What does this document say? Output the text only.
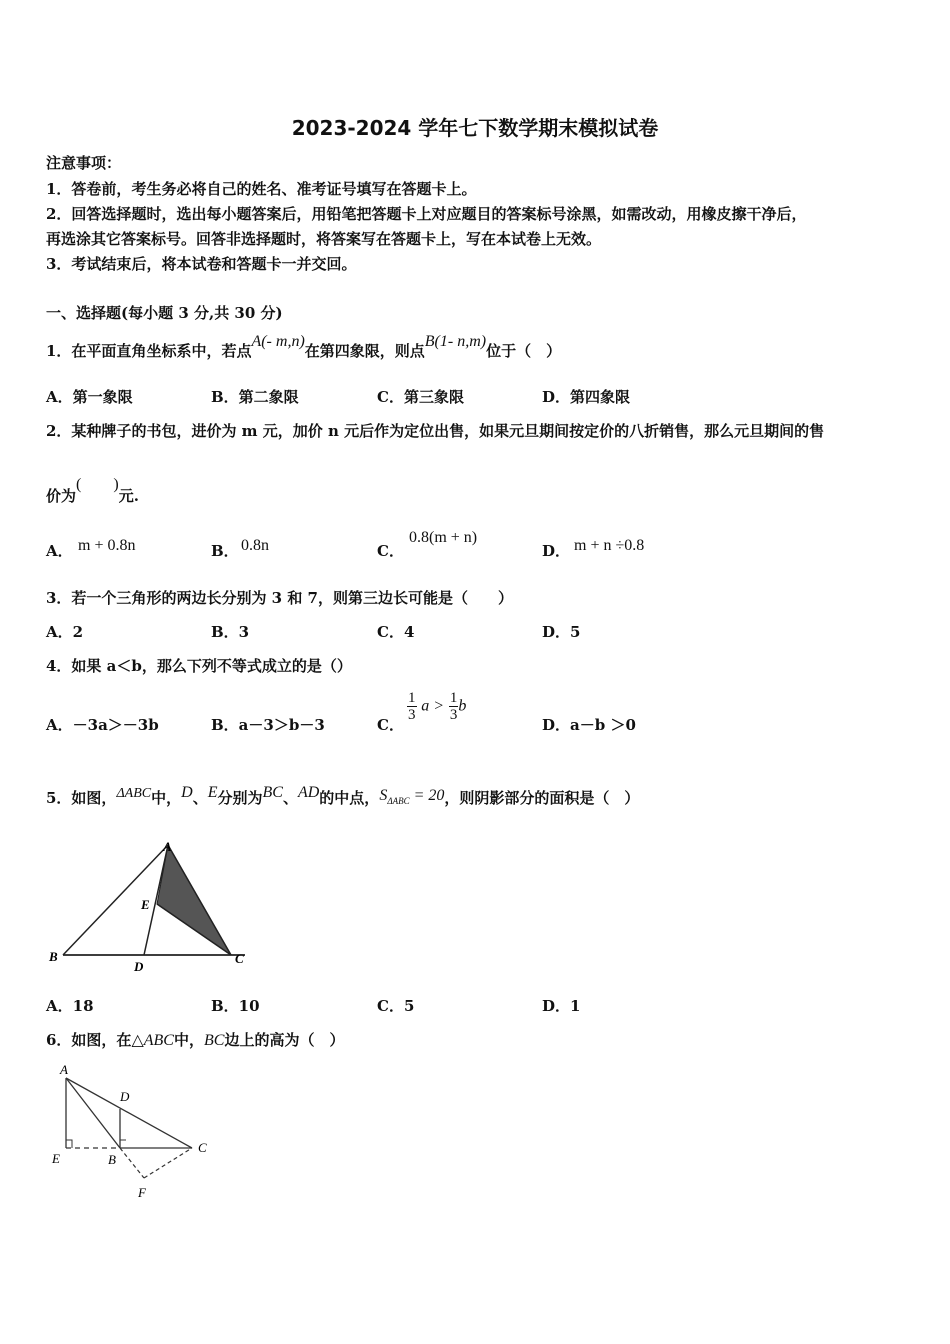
2023-2024 学年七下数学期末模拟试卷
注意事项：
1．答卷前，考生务必将自己的姓名、准考证号填写在答题卡上。
2．回答选择题时，选出每小题答案后，用铅笔把答题卡上对应题目的答案标号涂黑，如需改动，用橡皮擦干净后，
再选涂其它答案标号。回答非选择题时，将答案写在答题卡上，写在本试卷上无效。
3．考试结束后，将本试卷和答题卡一并交回。
一、选择题(每小题 3 分,共 30 分)
1．在平面直角坐标系中，若点A(- m,n)在第四象限，则点B(1- n,m)位于（　）
A．第一象限	B．第二象限	C．第三象限	D．第四象限
2．某种牌子的书包，进价为 m 元，加价 n 元后作为定位出售，如果元旦期间按定价的八折销售，那么元旦期间的售
价为(　　)元.
A． m + 0.8n	B． 0.8n	C．
0.8(m + n)
D． m + n ÷0.8
3．若一个三角形的两边长分别为 3 和 7，则第三边长可能是（　　）
A．2	B．3	C．4	D．5
4．如果 a＜b，那么下列不等式成立的是（）
A．－3a＞－3b	B．a－3＞b－3	C．
$\frac{1}{3}$ $a > \frac{1}{3}$ b
D．a－b ＞0
5．如图，ΔABC中，D、E分别为BC、AD的中点，$S_{\Delta ABC} = 20$，则阴影部分的面积是（　）
A
E
B
D
C
A．18	B．10	C．5	D．1
6．如图，在△ABC中，BC边上的高为（　）
A
D
E	B
C
F
